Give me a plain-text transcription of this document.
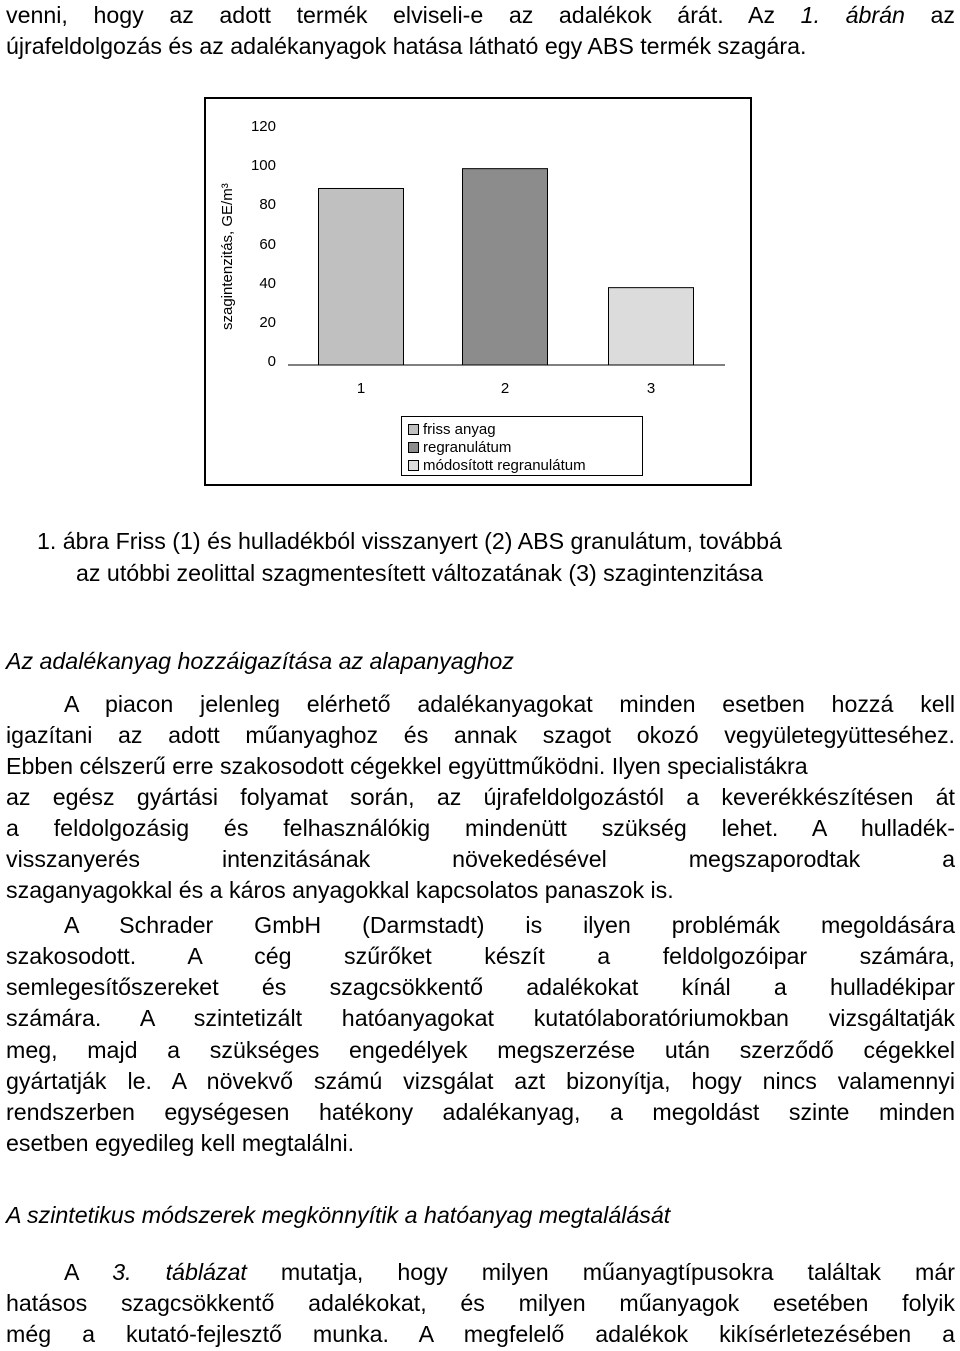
venni, hogy az adott termék elviseli-e az adalékok árát. Az 1. ábrán az
újrafeldolgozás és az adalékanyagok hatása látható egy ABS termék szagára.
120
100
80
60
40
20
0
szagintenzitás, GE/m³
1	2	3
friss anyag
regranulátum
módosított regranulátum
1. ábra Friss (1) és hulladékból visszanyert (2) ABS granulátum, továbbá
az utóbbi zeolittal szagmentesített változatának (3) szagintenzitása
Az adalékanyag hozzáigazítása az alapanyaghoz
A piacon jelenleg elérhető adalékanyagokat minden esetben hozzá kell
igazítani az adott műanyaghoz és annak szagot okozó vegyületegyütteséhez.
Ebben célszerű erre szakosodott cégekkel együttműködni. Ilyen specialistákra
az egész gyártási folyamat során, az újrafeldolgozástól a keverékkészítésen át
a feldolgozásig és felhasználókig mindenütt szükség lehet. A hulladék-
visszanyerés intenzitásának növekedésével megszaporodtak a
szaganyagokkal és a káros anyagokkal kapcsolatos panaszok is.
A Schrader GmbH (Darmstadt) is ilyen problémák megoldására
szakosodott. A cég szűrőket készít a feldolgozóipar számára,
semlegesítőszereket és szagcsökkentő adalékokat kínál a hulladékipar
számára. A szintetizált hatóanyagokat kutatólaboratóriumokban vizsgáltatják
meg, majd a szükséges engedélyek megszerzése után szerződő cégekkel
gyártatják le. A növekvő számú vizsgálat azt bizonyítja, hogy nincs valamennyi
rendszerben egységesen hatékony adalékanyag, a megoldást szinte minden
esetben egyedileg kell megtalálni.
A szintetikus módszerek megkönnyítik a hatóanyag megtalálását
A 3. táblázat mutatja, hogy milyen műanyagtípusokra találtak már
hatásos szagcsökkentő adalékokat, és milyen műanyagok esetében folyik
még a kutató-fejlesztő munka. A megfelelő adalékok kikísérletezésében a
